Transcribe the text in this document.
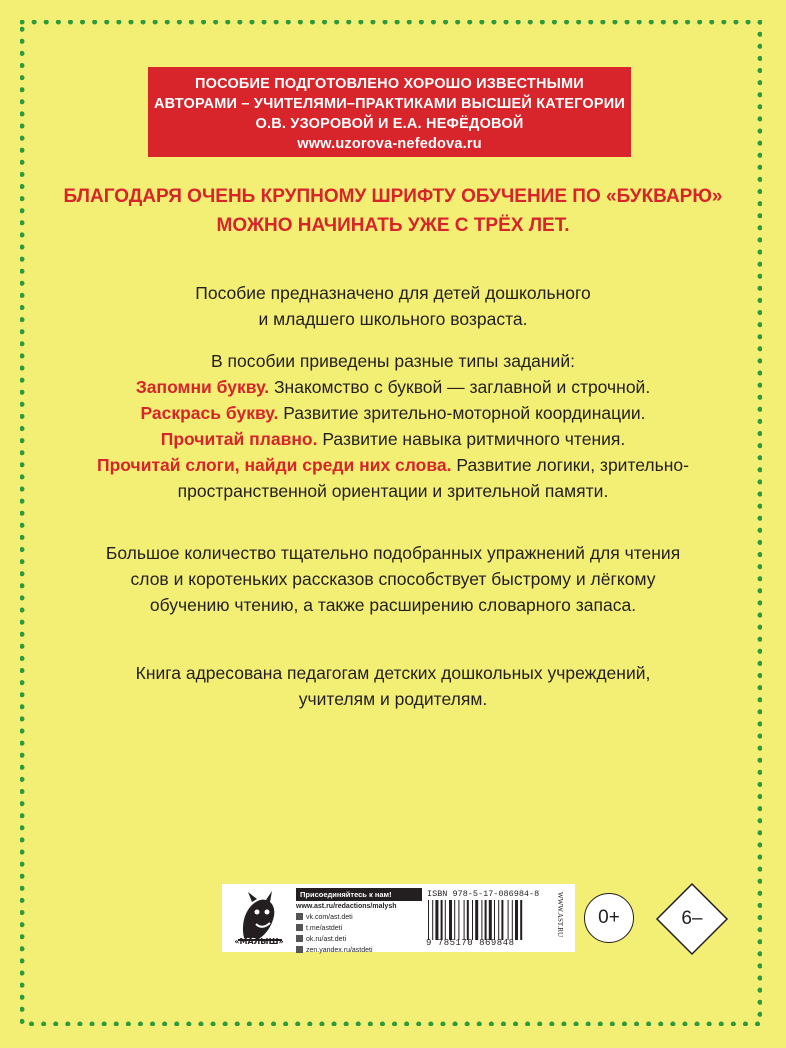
ПОСОБИЕ ПОДГОТОВЛЕНО ХОРОШО ИЗВЕСТНЫМИ
АВТОРАМИ – УЧИТЕЛЯМИ–ПРАКТИКАМИ ВЫСШЕЙ КАТЕГОРИИ
О.В. УЗОРОВОЙ И Е.А. НЕФЁДОВОЙ
www.uzorova-nefedova.ru
БЛАГОДАРЯ ОЧЕНЬ КРУПНОМУ ШРИФТУ ОБУЧЕНИЕ ПО «БУКВАРЮ»
МОЖНО НАЧИНАТЬ УЖЕ С ТРЁХ ЛЕТ.
Пособие предназначено для детей дошкольного
и младшего школьного возраста.
В пособии приведены разные типы заданий:
Запомни букву. Знакомство с буквой — заглавной и строчной.
Раскрась букву. Развитие зрительно-моторной координации.
Прочитай плавно. Развитие навыка ритмичного чтения.
Прочитай слоги, найди среди них слова. Развитие логики, зрительно-
пространственной ориентации и зрительной памяти.
Большое количество тщательно подобранных упражнений для чтения
слов и коротеньких рассказов способствует быстрому и лёгкому
обучению чтению, а также расширению словарного запаса.
Книга адресована педагогам детских дошкольных учреждений,
учителям и родителям.
«МАЛЫШ»
Присоединяйтесь к нам!
www.ast.ru/redactions/malysh
vk.com/ast.deti
t.me/astdeti
ok.ru/ast.deti
zen.yandex.ru/astdeti
ISBN 978-5-17-086984-8
9 785170 869848
WWW.AST.RU	0+	6–
